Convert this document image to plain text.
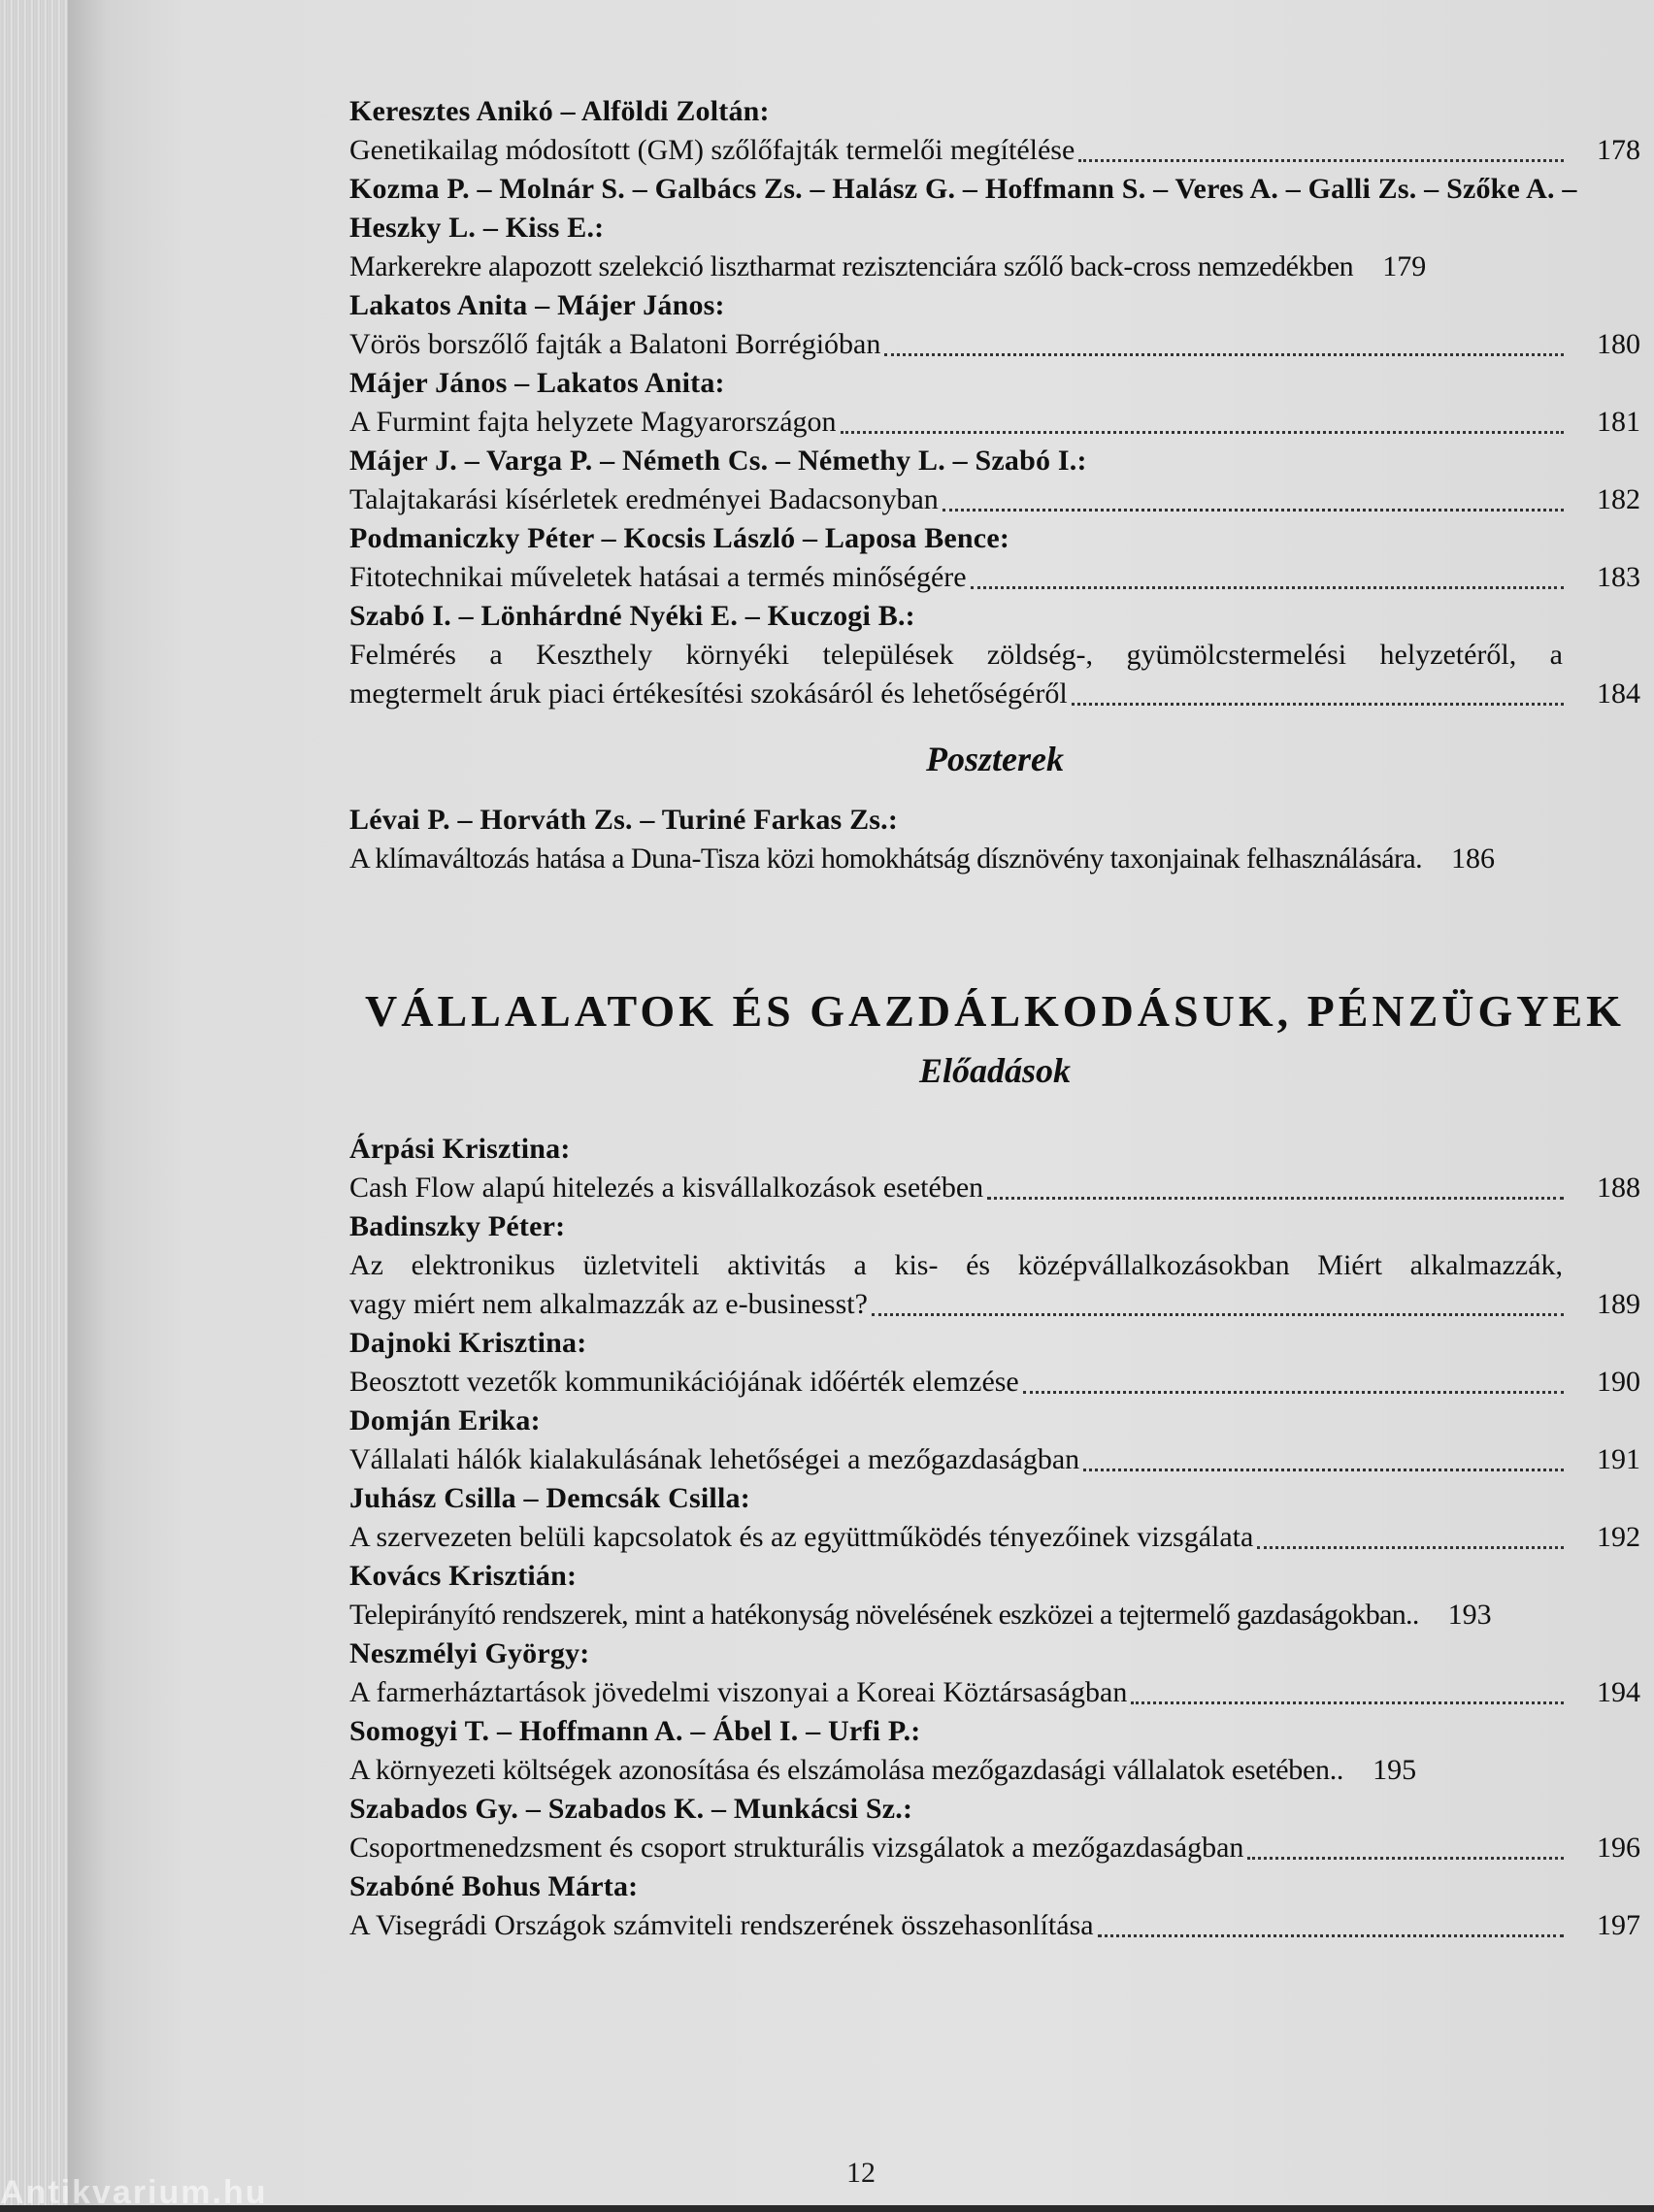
Keresztes Anikó – Alföldi Zoltán:
Genetikailag módosított (GM) szőlőfajták termelői megítélése	178
Kozma P. – Molnár S. – Galbács Zs. – Halász G. – Hoffmann S. – Veres A. – Galli Zs. – Szőke A. – Heszky L. – Kiss E.:
Markerekre alapozott szelekció lisztharmat rezisztenciára szőlő back-cross nemzedékben	179
Lakatos Anita – Májer János:
Vörös borszőlő fajták a Balatoni Borrégióban	180
Májer János – Lakatos Anita:
A Furmint fajta helyzete Magyarországon	181
Májer J. – Varga P. – Németh Cs. – Némethy L. – Szabó I.:
Talajtakarási kísérletek eredményei Badacsonyban	182
Podmaniczky Péter – Kocsis László – Laposa Bence:
Fitotechnikai műveletek hatásai a termés minőségére	183
Szabó I. – Lönhárdné Nyéki E. – Kuczogi B.:
Felmérés a Keszthely környéki települések zöldség-, gyümölcstermelési helyzetéről, a
megtermelt áruk piaci értékesítési szokásáról és lehetőségéről	184
Poszterek
Lévai P. – Horváth Zs. – Turiné Farkas Zs.:
A klímaváltozás hatása a Duna-Tisza közi homokhátság dísznövény taxonjainak felhasználására.	186
VÁLLALATOK ÉS GAZDÁLKODÁSUK, PÉNZÜGYEK
Előadások
Árpási Krisztina:
Cash Flow alapú hitelezés a kisvállalkozások esetében	188
Badinszky Péter:
Az elektronikus üzletviteli aktivitás a kis- és középvállalkozásokban Miért alkalmazzák,
vagy miért nem alkalmazzák az e-businesst?	189
Dajnoki Krisztina:
Beosztott vezetők kommunikációjának időérték elemzése	190
Domján Erika:
Vállalati hálók kialakulásának lehetőségei a mezőgazdaságban	191
Juhász Csilla – Demcsák Csilla:
A szervezeten belüli kapcsolatok és az együttműködés tényezőinek vizsgálata	192
Kovács Krisztián:
Telepirányító rendszerek, mint a hatékonyság növelésének eszközei a tejtermelő gazdaságokban..	193
Neszmélyi György:
A farmerháztartások jövedelmi viszonyai a Koreai Köztársaságban	194
Somogyi T. – Hoffmann A. – Ábel I. – Urfi P.:
A környezeti költségek azonosítása és elszámolása mezőgazdasági vállalatok esetében..	195
Szabados Gy. – Szabados K. – Munkácsi Sz.:
Csoportmenedzsment és csoport strukturális vizsgálatok a mezőgazdaságban	196
Szabóné Bohus Márta:
A Visegrádi Országok számviteli rendszerének összehasonlítása	197
12
Antikvarium.hu
